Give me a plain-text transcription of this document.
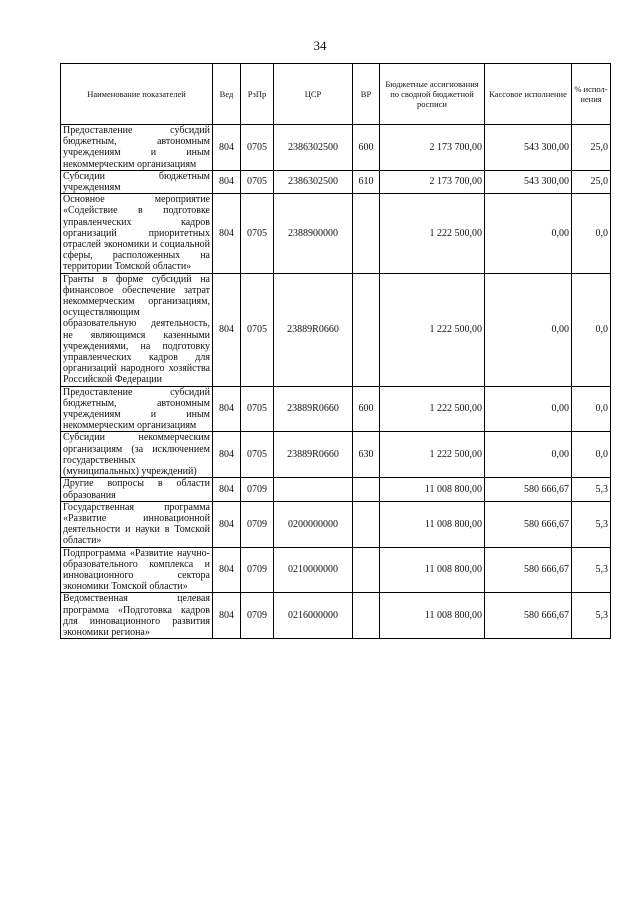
34
Наименование показателей	Вед	РзПр	ЦСР	ВР	Бюджетные ассигнования по сводной бюджетной росписи	Кассовое исполнение	% испол-нения
Предоставление субсидий бюджетным, автономным учреждениям и иным некоммерческим организациям	804	0705	2386302500	600	2 173 700,00	543 300,00	25,0
Субсидии бюджетным учреждениям	804	0705	2386302500	610	2 173 700,00	543 300,00	25,0
Основное мероприятие «Содействие в подготовке управленческих кадров организаций приоритетных отраслей экономики и социальной сферы, расположенных на территории Томской области»	804	0705	2388900000		1 222 500,00	0,00	0,0
Гранты в форме субсидий на финансовое обеспечение затрат некоммерческим организациям, осуществляющим образовательную деятельность, не являющимся казенными учреждениями, на подготовку управленческих кадров для организаций народного хозяйства Российской Федерации	804	0705	23889R0660		1 222 500,00	0,00	0,0
Предоставление субсидий бюджетным, автономным учреждениям и иным некоммерческим организациям	804	0705	23889R0660	600	1 222 500,00	0,00	0,0
Субсидии некоммерческим организациям (за исключением государственных (муниципальных) учреждений)	804	0705	23889R0660	630	1 222 500,00	0,00	0,0
Другие вопросы в области образования	804	0709			11 008 800,00	580 666,67	5,3
Государственная программа «Развитие инновационной деятельности и науки в Томской области»	804	0709	0200000000		11 008 800,00	580 666,67	5,3
Подпрограмма «Развитие научно-образовательного комплекса и инновационного сектора экономики Томской области»	804	0709	0210000000		11 008 800,00	580 666,67	5,3
Ведомственная целевая программа «Подготовка кадров для инновационного развития экономики региона»	804	0709	0216000000		11 008 800,00	580 666,67	5,3
